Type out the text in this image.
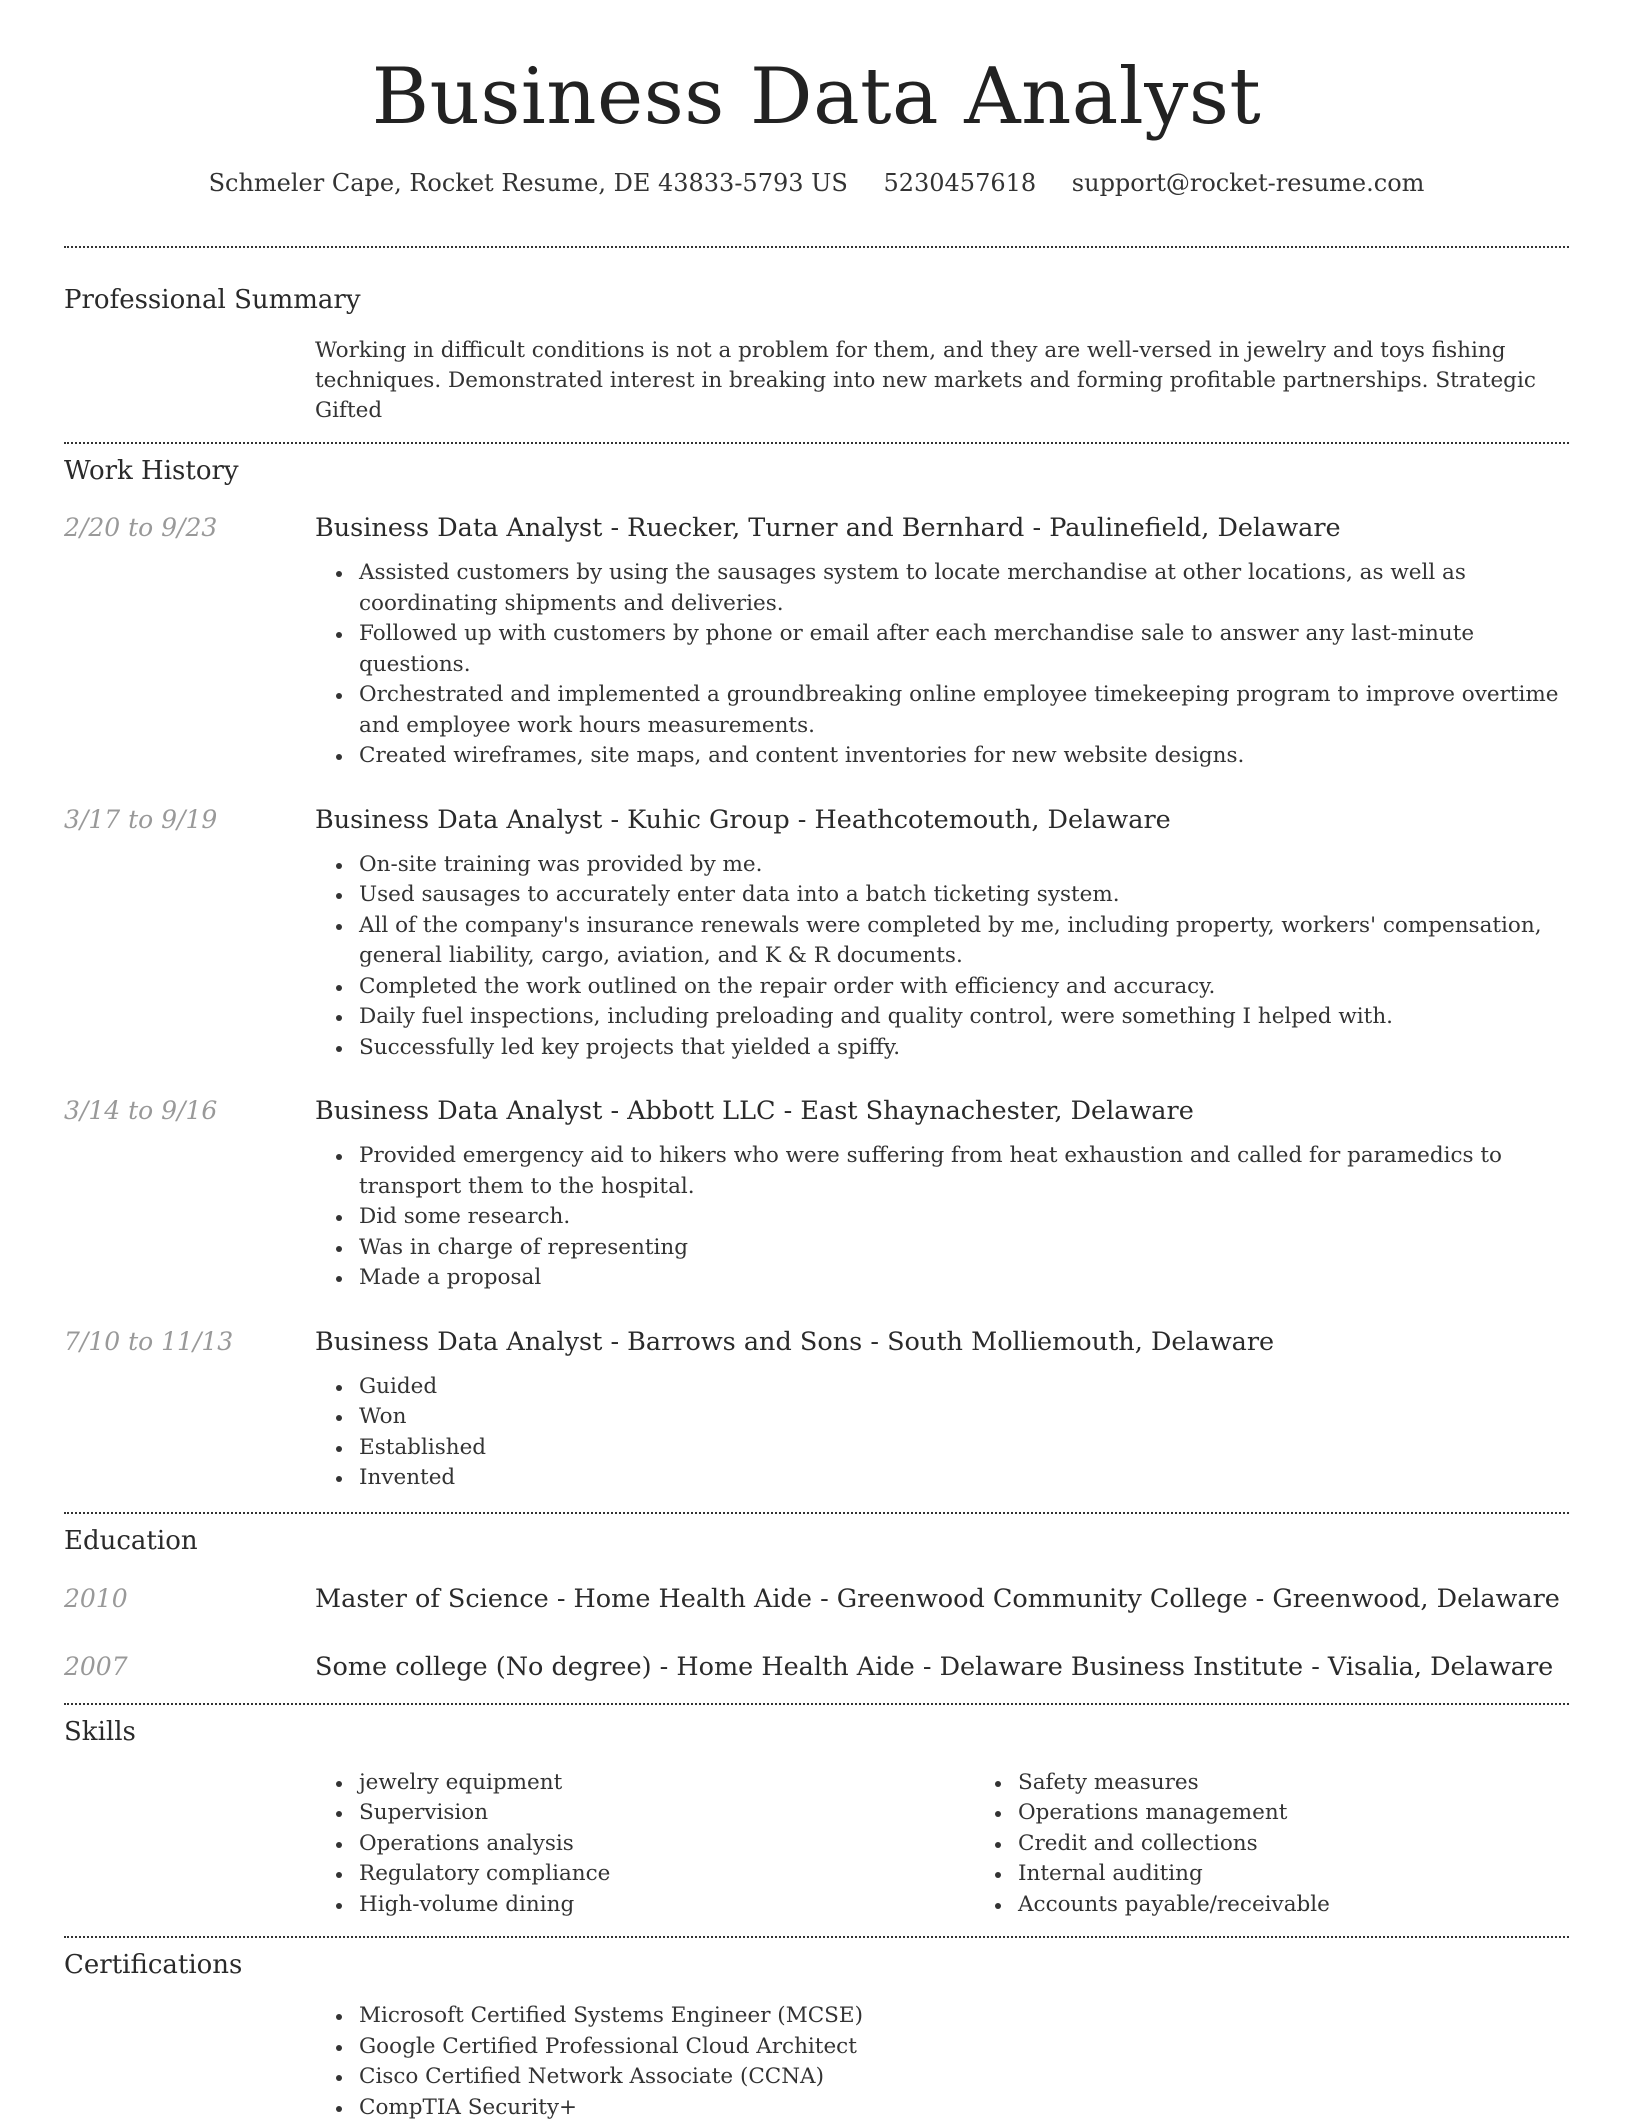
Business Data Analyst
Schmeler Cape, Rocket Resume, DE 43833-5793 US 5230457618 support@rocket-resume.com
Professional Summary
Working in difficult conditions is not a problem for them, and they are well-versed in jewelry and toys fishing techniques. Demonstrated interest in breaking into new markets and forming profitable partnerships. Strategic Gifted
Work History
2/20 to 9/23	Business Data Analyst - Ruecker, Turner and Bernhard - Paulinefield, Delaware
Assisted customers by using the sausages system to locate merchandise at other locations, as well as coordinating shipments and deliveries.
Followed up with customers by phone or email after each merchandise sale to answer any last-minute questions.
Orchestrated and implemented a groundbreaking online employee timekeeping program to improve overtime and employee work hours measurements.
Created wireframes, site maps, and content inventories for new website designs.
3/17 to 9/19	Business Data Analyst - Kuhic Group - Heathcotemouth, Delaware
On-site training was provided by me.
Used sausages to accurately enter data into a batch ticketing system.
All of the company's insurance renewals were completed by me, including property, workers' compensation, general liability, cargo, aviation, and K & R documents.
Completed the work outlined on the repair order with efficiency and accuracy.
Daily fuel inspections, including preloading and quality control, were something I helped with.
Successfully led key projects that yielded a spiffy.
3/14 to 9/16	Business Data Analyst - Abbott LLC - East Shaynachester, Delaware
Provided emergency aid to hikers who were suffering from heat exhaustion and called for paramedics to transport them to the hospital.
Did some research.
Was in charge of representing
Made a proposal
7/10 to 11/13	Business Data Analyst - Barrows and Sons - South Molliemouth, Delaware
Guided
Won
Established
Invented
Education
2010	Master of Science - Home Health Aide - Greenwood Community College - Greenwood, Delaware
2007	Some college (No degree) - Home Health Aide - Delaware Business Institute - Visalia, Delaware
Skills
jewelry equipment
Supervision
Operations analysis
Regulatory compliance
High-volume dining
Safety measures
Operations management
Credit and collections
Internal auditing
Accounts payable/receivable
Certifications
Microsoft Certified Systems Engineer (MCSE)
Google Certified Professional Cloud Architect
Cisco Certified Network Associate (CCNA)
CompTIA Security+
